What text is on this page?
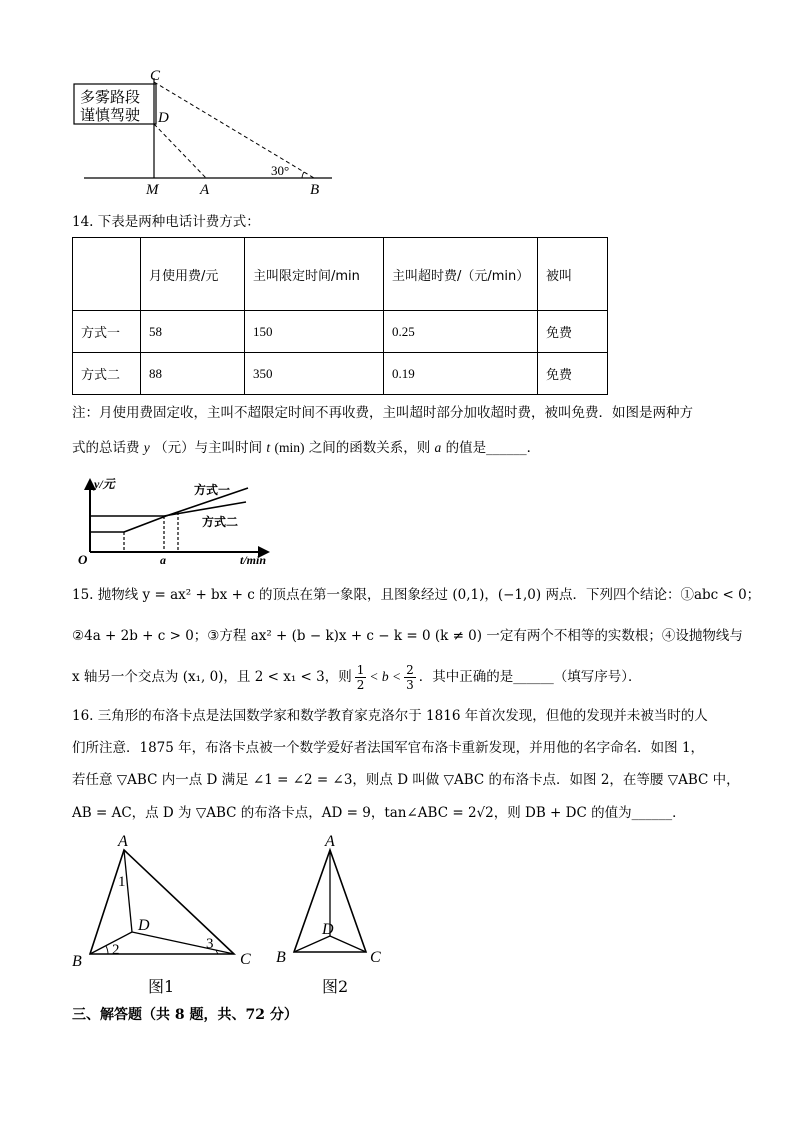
多雾路段
谨慎驾驶
C
D
M	A	B
30°
14. 下表是两种电话计费方式：
	月使用费/元	主叫限定时间/min	主叫超时费/（元/min）	被叫
方式一	58	150	0.25	免费
方式二	88	350	0.19	免费
注：月使用费固定收，主叫不超限定时间不再收费，主叫超时部分加收超时费，被叫免费．如图是两种方
式的总话费 y （元）与主叫时间 t (min) 之间的函数关系，则 a 的值是______．
y/元
t/min
O	a
方式一
方式二
15. 抛物线 y = ax² + bx + c 的顶点在第一象限，且图象经过 (0,1)，(−1,0) 两点．下列四个结论：①abc < 0；
②4a + 2b + c > 0；③方程 ax² + (b − k)x + c − k = 0 (k ≠ 0) 一定有两个不相等的实数根；④设抛物线与
x 轴另一个交点为 (x₁, 0)，且 2 < x₁ < 3，则 $\frac{1}{2} < b < \frac{2}{3}$ ．其中正确的是______（填写序号）．
16. 三角形的布洛卡点是法国数学家和数学教育家克洛尔于 1816 年首次发现，但他的发现并未被当时的人
们所注意．1875 年，布洛卡点被一个数学爱好者法国军官布洛卡重新发现，并用他的名字命名．如图 1，
若任意 ▽ABC 内一点 D 满足 ∠1 = ∠2 = ∠3，则点 D 叫做 ▽ABC 的布洛卡点．如图 2，在等腰 ▽ABC 中，
AB = AC，点 D 为 ▽ABC 的布洛卡点，AD = 9，tan∠ABC = 2√2，则 DB + DC 的值为______．
A
B	C
D
1
2	3
图1
A
B	C
D
图2
三、解答题（共 8 题，共、72 分）
